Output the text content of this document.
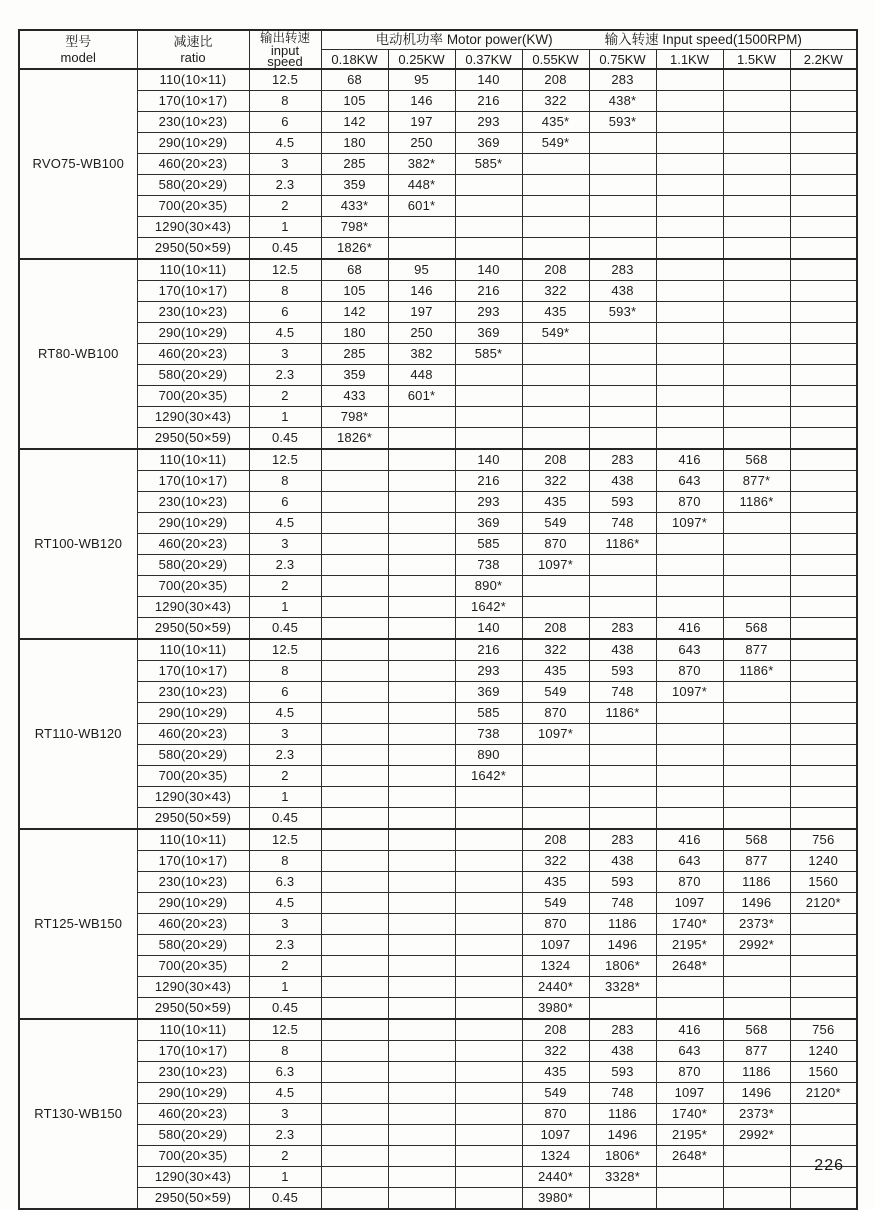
型号
model	减速比
ratio	输出转速
input
speed	电动机功率 Motor power(KW) 输入转速 Input speed(1500RPM)							

			0.18KW	0.25KW	0.37KW	0.55KW	0.75KW	1.1KW	1.5KW	2.2KW
RVO75-WB100	110(10×11)	12.5	68	95	140	208	283			
	170(10×17)	8	105	146	216	322	438*			
	230(10×23)	6	142	197	293	435*	593*			
	290(10×29)	4.5	180	250	369	549*				
	460(20×23)	3	285	382*	585*					
	580(20×29)	2.3	359	448*						
	700(20×35)	2	433*	601*						
	1290(30×43)	1	798*							
	2950(50×59)	0.45	1826*							
RT80-WB100	110(10×11)	12.5	68	95	140	208	283			
	170(10×17)	8	105	146	216	322	438			
	230(10×23)	6	142	197	293	435	593*			
	290(10×29)	4.5	180	250	369	549*				
	460(20×23)	3	285	382	585*					
	580(20×29)	2.3	359	448						
	700(20×35)	2	433	601*						
	1290(30×43)	1	798*							
	2950(50×59)	0.45	1826*							
RT100-WB120	110(10×11)	12.5			140	208	283	416	568	
	170(10×17)	8			216	322	438	643	877*	
	230(10×23)	6			293	435	593	870	1186*	
	290(10×29)	4.5			369	549	748	1097*		
	460(20×23)	3			585	870	1186*			
	580(20×29)	2.3			738	1097*				
	700(20×35)	2			890*					
	1290(30×43)	1			1642*					
	2950(50×59)	0.45			140	208	283	416	568	
RT110-WB120	110(10×11)	12.5			216	322	438	643	877	
	170(10×17)	8			293	435	593	870	1186*	
	230(10×23)	6			369	549	748	1097*		
	290(10×29)	4.5			585	870	1186*			
	460(20×23)	3			738	1097*				
	580(20×29)	2.3			890					
	700(20×35)	2			1642*					
	1290(30×43)	1								
	2950(50×59)	0.45								
RT125-WB150	110(10×11)	12.5				208	283	416	568	756
	170(10×17)	8				322	438	643	877	1240
	230(10×23)	6.3				435	593	870	1186	1560
	290(10×29)	4.5				549	748	1097	1496	2120*
	460(20×23)	3				870	1186	1740*	2373*	
	580(20×29)	2.3				1097	1496	2195*	2992*	
	700(20×35)	2				1324	1806*	2648*		
	1290(30×43)	1				2440*	3328*			
	2950(50×59)	0.45				3980*				
RT130-WB150	110(10×11)	12.5				208	283	416	568	756
	170(10×17)	8				322	438	643	877	1240
	230(10×23)	6.3				435	593	870	1186	1560
	290(10×29)	4.5				549	748	1097	1496	2120*
	460(20×23)	3				870	1186	1740*	2373*	
	580(20×29)	2.3				1097	1496	2195*	2992*	
	700(20×35)	2				1324	1806*	2648*		
	1290(30×43)	1				2440*	3328*			
	2950(50×59)	0.45				3980*				
226
